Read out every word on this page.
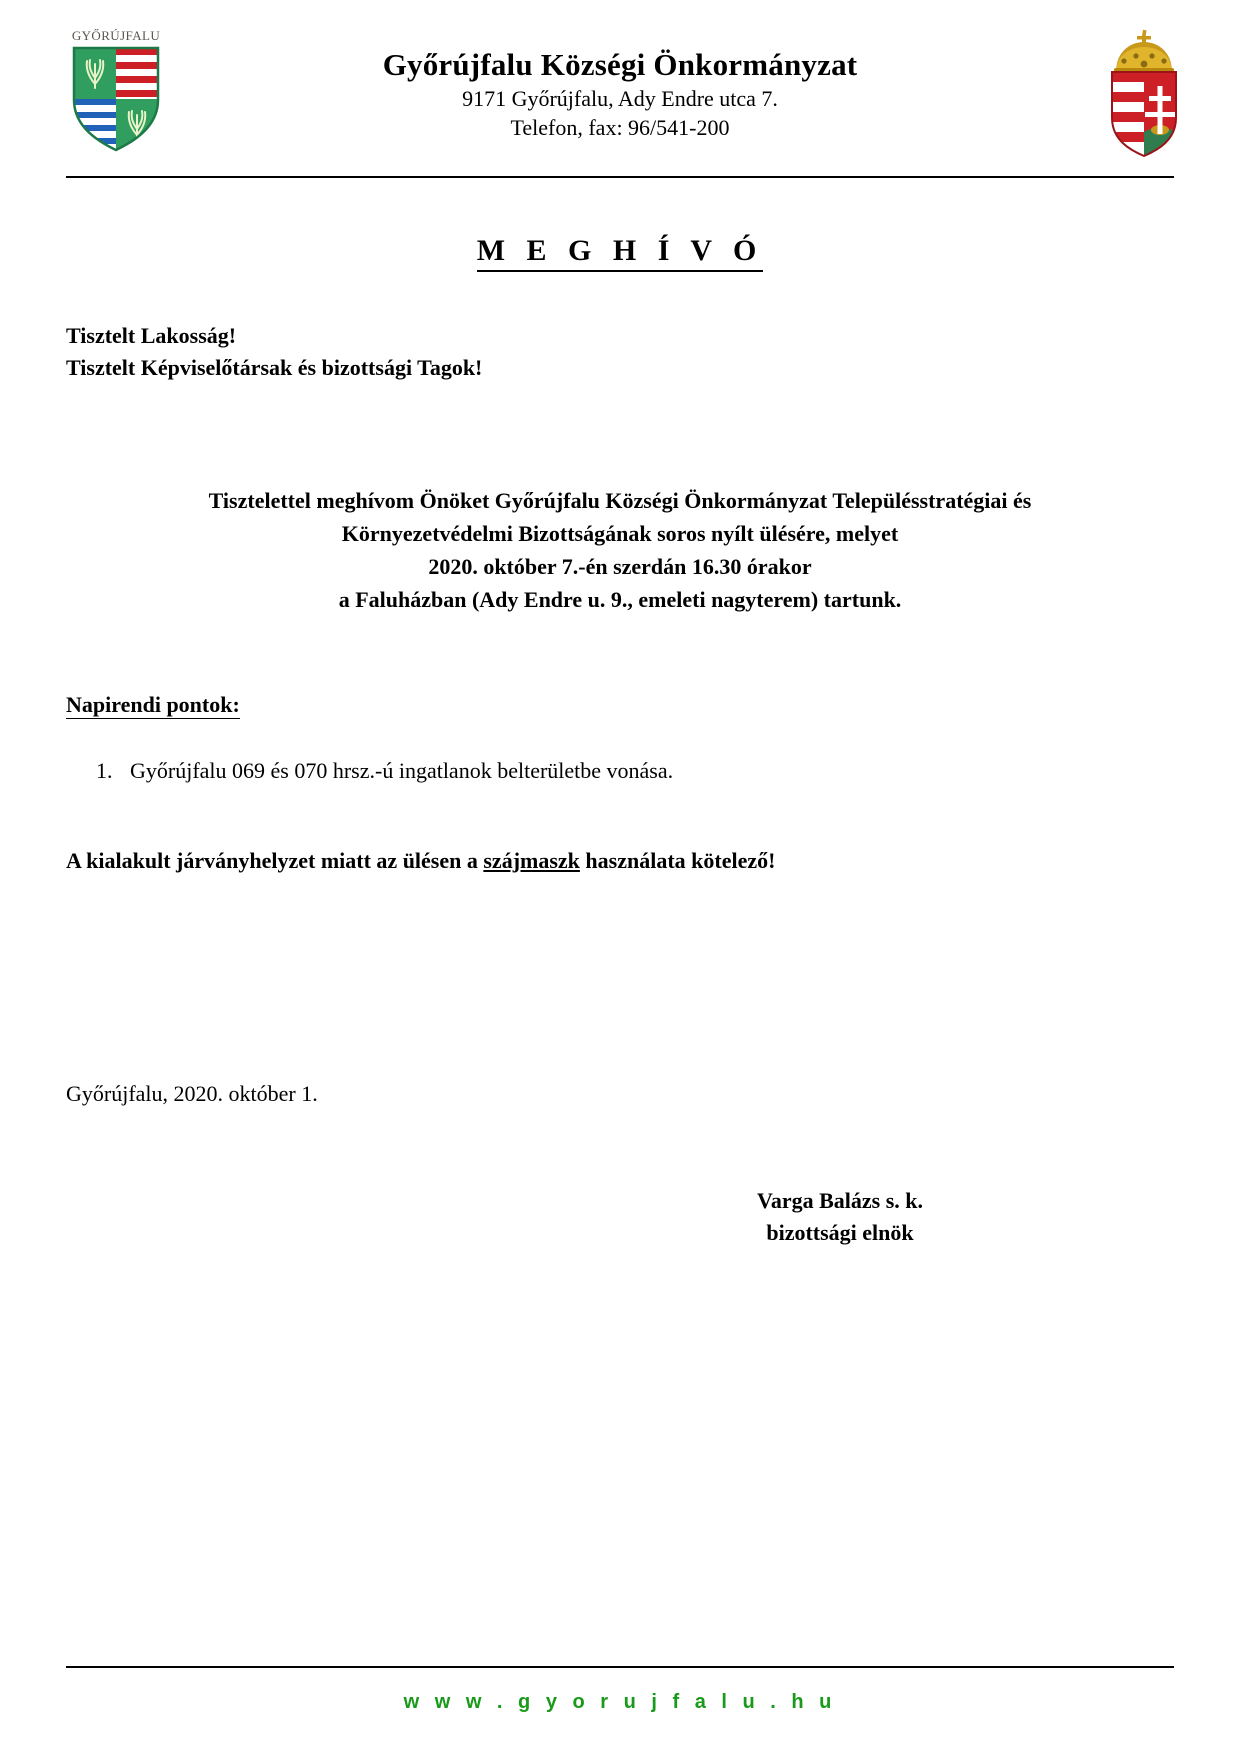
GYŐRÚJFALU
Győrújfalu Községi Önkormányzat
9171 Győrújfalu, Ady Endre utca 7.
Telefon, fax: 96/541-200
M E G H Í V Ó
Tisztelt Lakosság!
Tisztelt Képviselőtársak és bizottsági Tagok!
Tisztelettel meghívom Önöket Győrújfalu Községi Önkormányzat Településstratégiai és
Környezetvédelmi Bizottságának soros nyílt ülésére, melyet
2020. október 7.-én szerdán 16.30 órakor
a Faluházban (Ady Endre u. 9., emeleti nagyterem) tartunk.
Napirendi pontok:
1. Győrújfalu 069 és 070 hrsz.-ú ingatlanok belterületbe vonása.
A kialakult járványhelyzet miatt az ülésen a szájmaszk használata kötelező!
Győrújfalu, 2020. október 1.
Varga Balázs s. k.
bizottsági elnök
w w w . g y o r u j f a l u . h u
